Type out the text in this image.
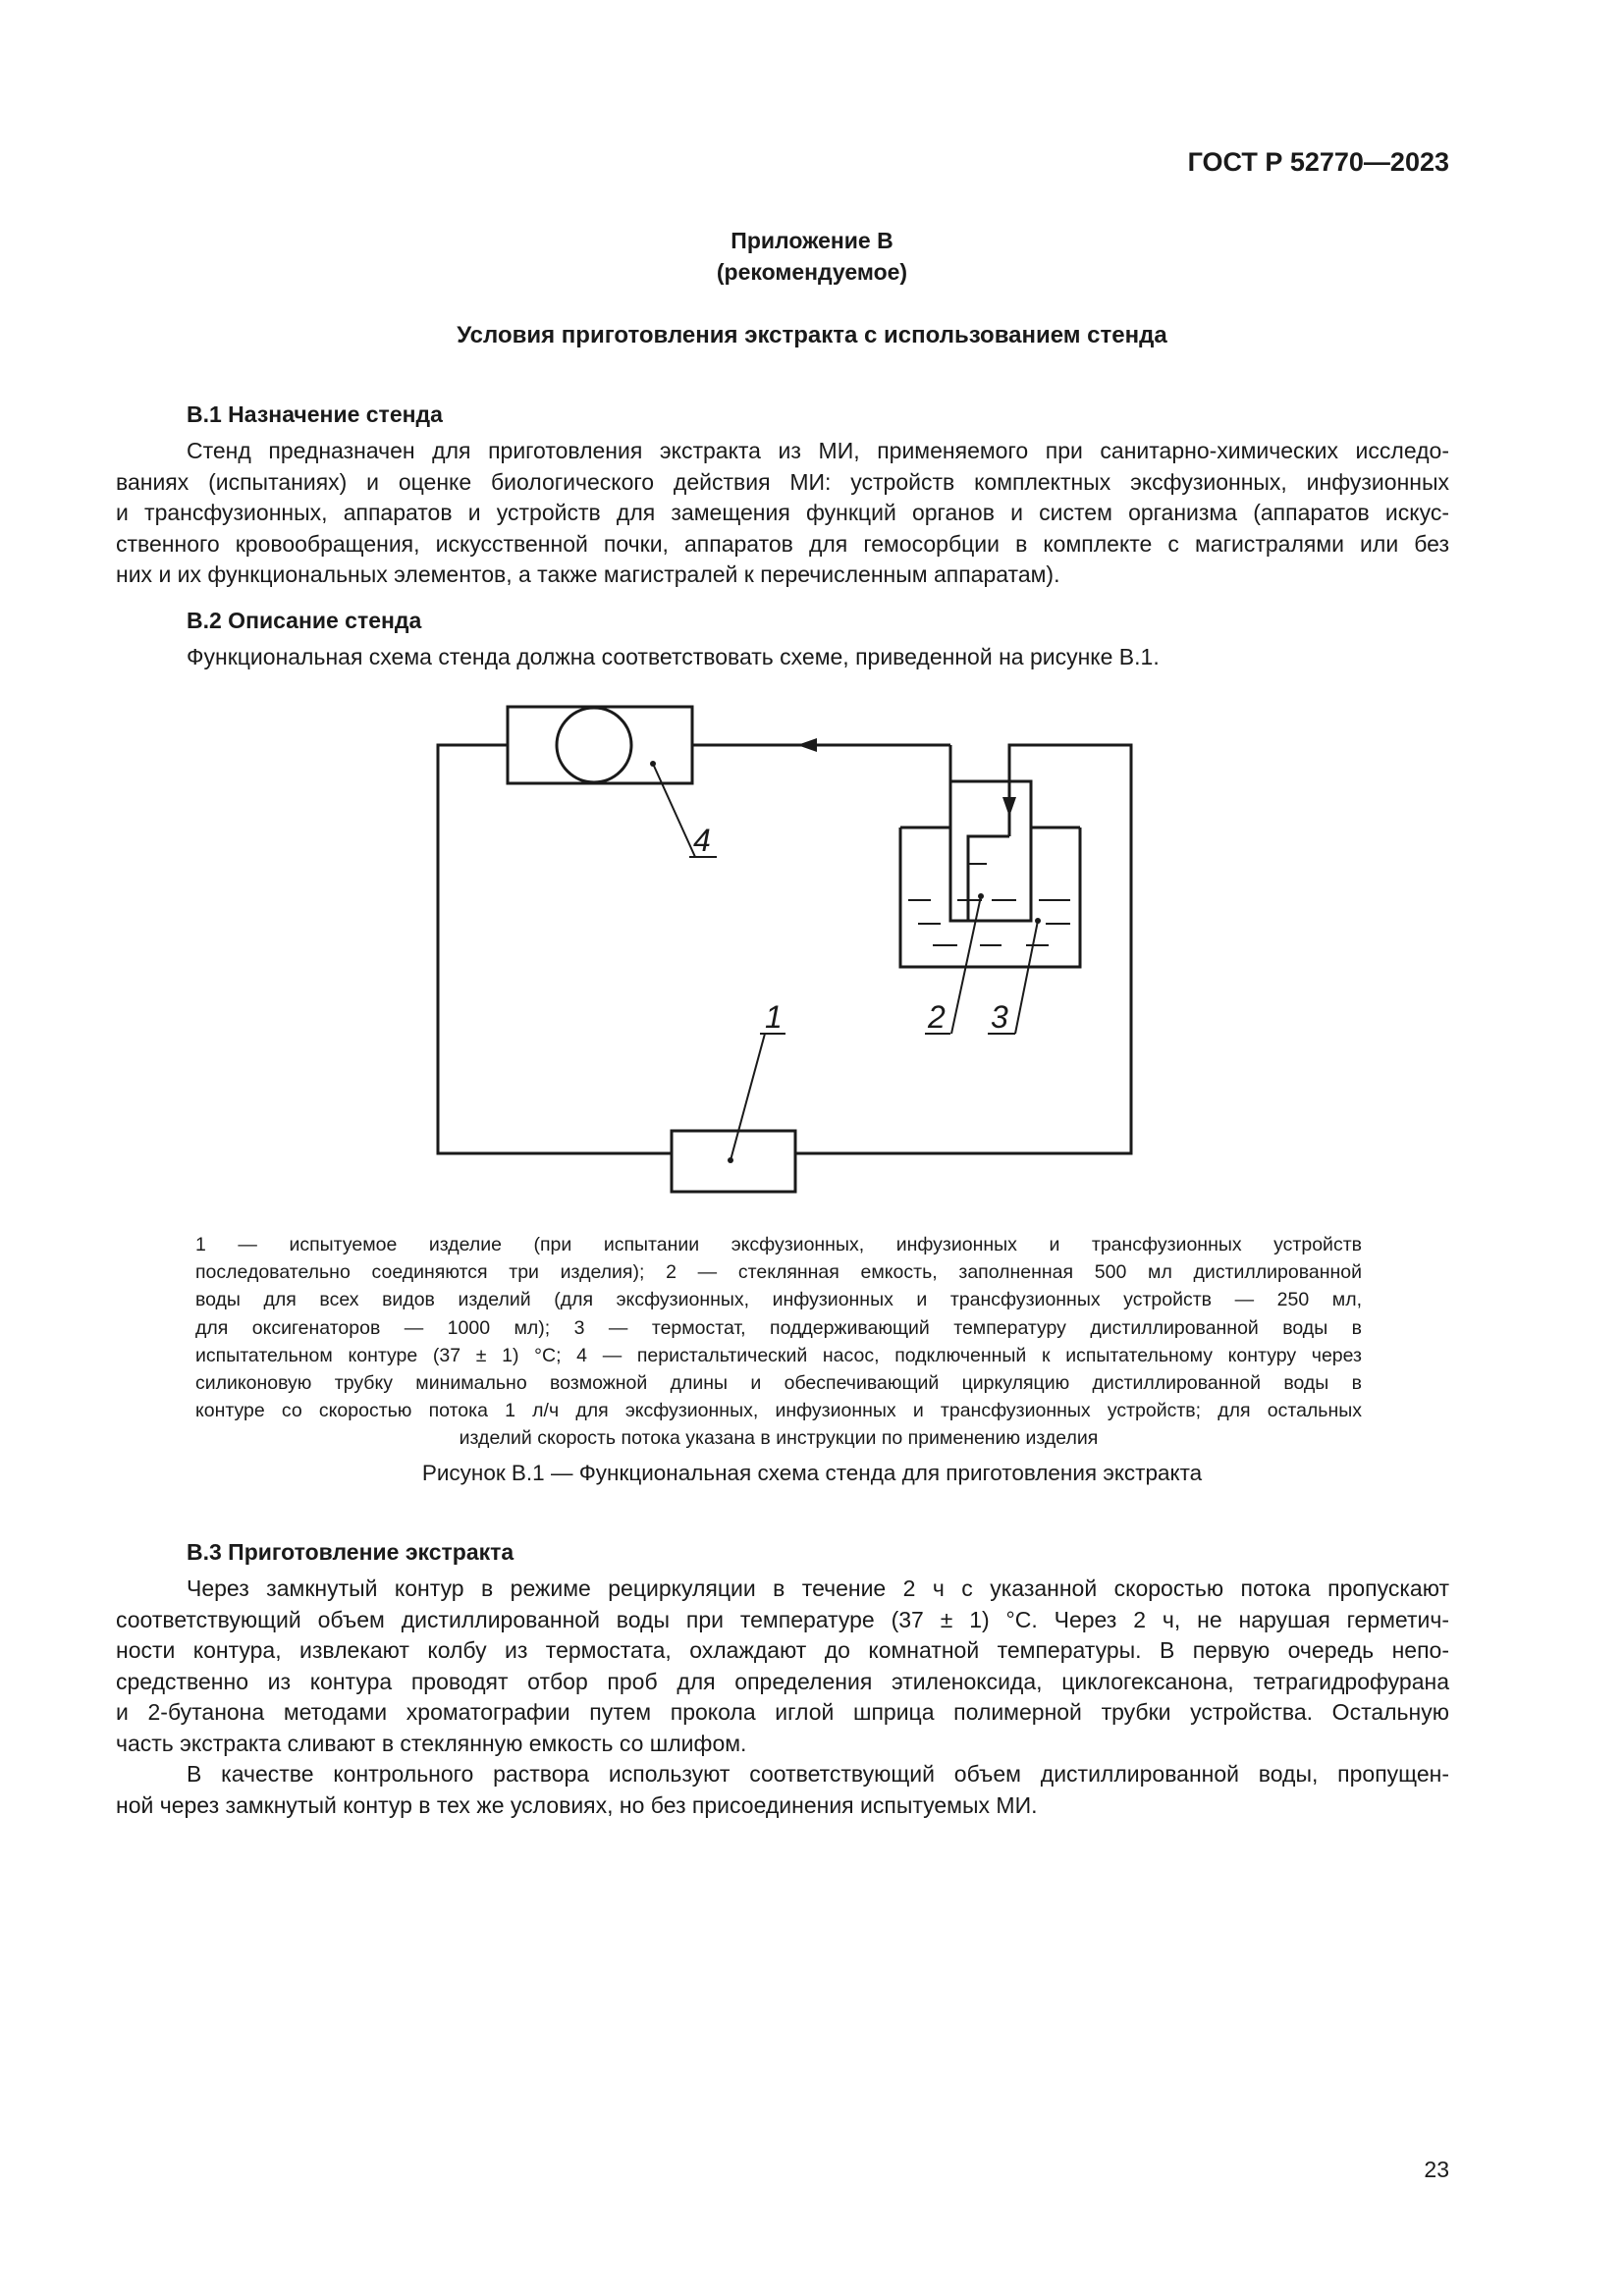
ГОСТ Р 52770—2023
Приложение В
(рекомендуемое)
Условия приготовления экстракта с использованием стенда
В.1 Назначение стенда
Стенд предназначен для приготовления экстракта из МИ, применяемого при санитарно-химических исследо-
ваниях (испытаниях) и оценке биологического действия МИ: устройств комплектных эксфузионных, инфузионных
и трансфузионных, аппаратов и устройств для замещения функций органов и систем организма (аппаратов искус-
ственного кровообращения, искусственной почки, аппаратов для гемосорбции в комплекте с магистралями или без
них и их функциональных элементов, а также магистралей к перечисленным аппаратам).
В.2 Описание стенда
Функциональная схема стенда должна соответствовать схеме, приведенной на рисунке В.1.
4
1	2 3
1 — испытуемое изделие (при испытании эксфузионных, инфузионных и трансфузионных устройств
последовательно соединяются три изделия); 2 — стеклянная емкость, заполненная 500 мл дистиллированной
воды для всех видов изделий (для эксфузионных, инфузионных и трансфузионных устройств — 250 мл,
для оксигенаторов — 1000 мл); 3 — термостат, поддерживающий температуру дистиллированной воды в
испытательном контуре (37 ± 1) °С; 4 — перистальтический насос, подключенный к испытательному контуру через
силиконовую трубку минимально возможной длины и обеспечивающий циркуляцию дистиллированной воды в
контуре со скоростью потока 1 л/ч для эксфузионных, инфузионных и трансфузионных устройств; для остальных
изделий скорость потока указана в инструкции по применению изделия
Рисунок В.1 — Функциональная схема стенда для приготовления экстракта
В.3 Приготовление экстракта
Через замкнутый контур в режиме рециркуляции в течение 2 ч с указанной скоростью потока пропускают
соответствующий объем дистиллированной воды при температуре (37 ± 1) °С. Через 2 ч, не нарушая герметич-
ности контура, извлекают колбу из термостата, охлаждают до комнатной температуры. В первую очередь непо-
средственно из контура проводят отбор проб для определения этиленоксида, циклогексанона, тетрагидрофурана
и 2-бутанона методами хроматографии путем прокола иглой шприца полимерной трубки устройства. Остальную
часть экстракта сливают в стеклянную емкость со шлифом.
В качестве контрольного раствора используют соответствующий объем дистиллированной воды, пропущен-
ной через замкнутый контур в тех же условиях, но без присоединения испытуемых МИ.
23
